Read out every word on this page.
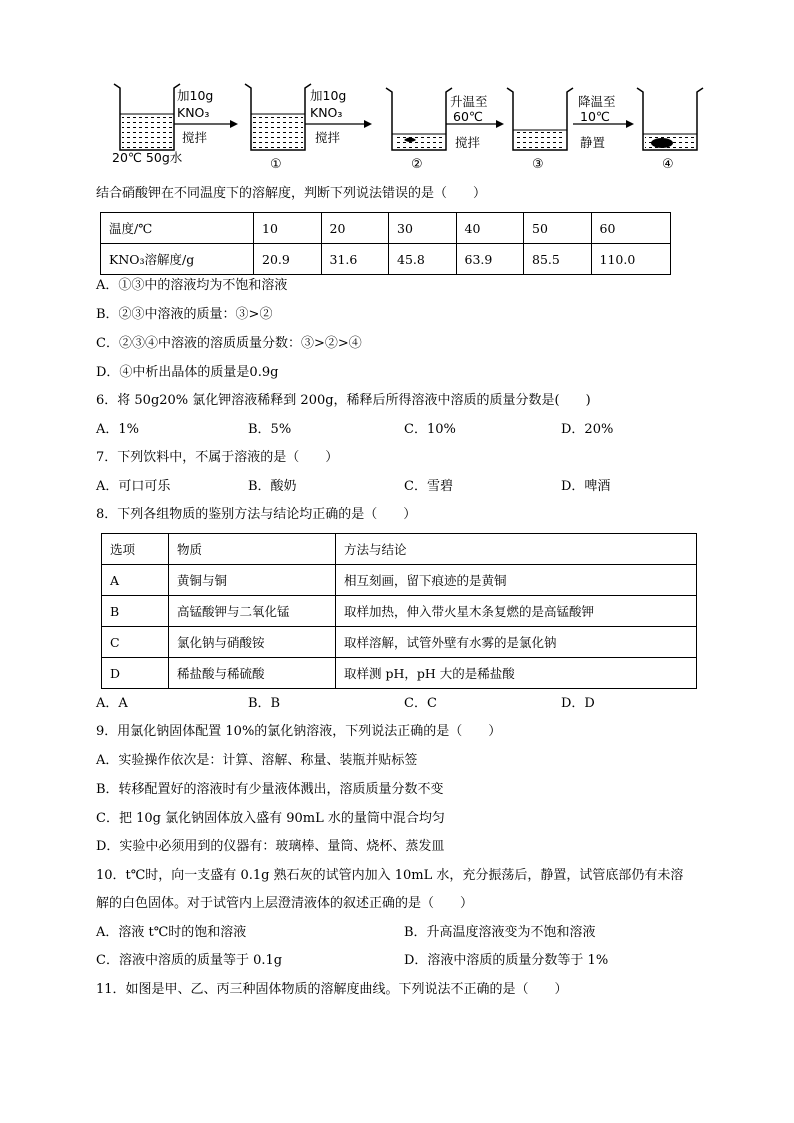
20℃ 50g水
加10g
KNO₃
搅拌
加10g
KNO₃
搅拌
升温至
60℃
搅拌
降温至
10℃
静置
①	②	③	④
结合硝酸钾在不同温度下的溶解度，判断下列说法错误的是（　　）
温度/℃	10	20	30	40	50	60
KNO₃溶解度/g	20.9	31.6	45.8	63.9	85.5	110.0
A．①③中的溶液均为不饱和溶液
B．②③中溶液的质量：③>②
C．②③④中溶液的溶质质量分数：③>②>④
D．④中析出晶体的质量是0.9g
6．将 50g20% 氯化钾溶液稀释到 200g，稀释后所得溶液中溶质的质量分数是(　　)
A．1%	B．5%	C．10%	D．20%
7．下列饮料中，不属于溶液的是（　　）
A．可口可乐	B．酸奶	C．雪碧	D．啤酒
8．下列各组物质的鉴别方法与结论均正确的是（　　）
选项	物质	方法与结论
A	黄铜与铜	相互刻画，留下痕迹的是黄铜
B	高锰酸钾与二氧化锰	取样加热，伸入带火星木条复燃的是高锰酸钾
C	氯化钠与硝酸铵	取样溶解，试管外壁有水雾的是氯化钠
D	稀盐酸与稀硫酸	取样测 pH，pH 大的是稀盐酸
A．A	B．B	C．C	D．D
9．用氯化钠固体配置 10%的氯化钠溶液，下列说法正确的是（　　）
A．实验操作依次是：计算、溶解、称量、装瓶并贴标签
B．转移配置好的溶液时有少量液体溅出，溶质质量分数不变
C．把 10g 氯化钠固体放入盛有 90mL 水的量筒中混合均匀
D．实验中必须用到的仪器有：玻璃棒、量筒、烧杯、蒸发皿
10．t℃时，向一支盛有 0.1g 熟石灰的试管内加入 10mL 水，充分振荡后，静置，试管底部仍有未溶
解的白色固体。对于试管内上层澄清液体的叙述正确的是（　　）
A．溶液 t℃时的饱和溶液	B．升高温度溶液变为不饱和溶液
C．溶液中溶质的质量等于 0.1g	D．溶液中溶质的质量分数等于 1%
11．如图是甲、乙、丙三种固体物质的溶解度曲线。下列说法不正确的是（　　）
